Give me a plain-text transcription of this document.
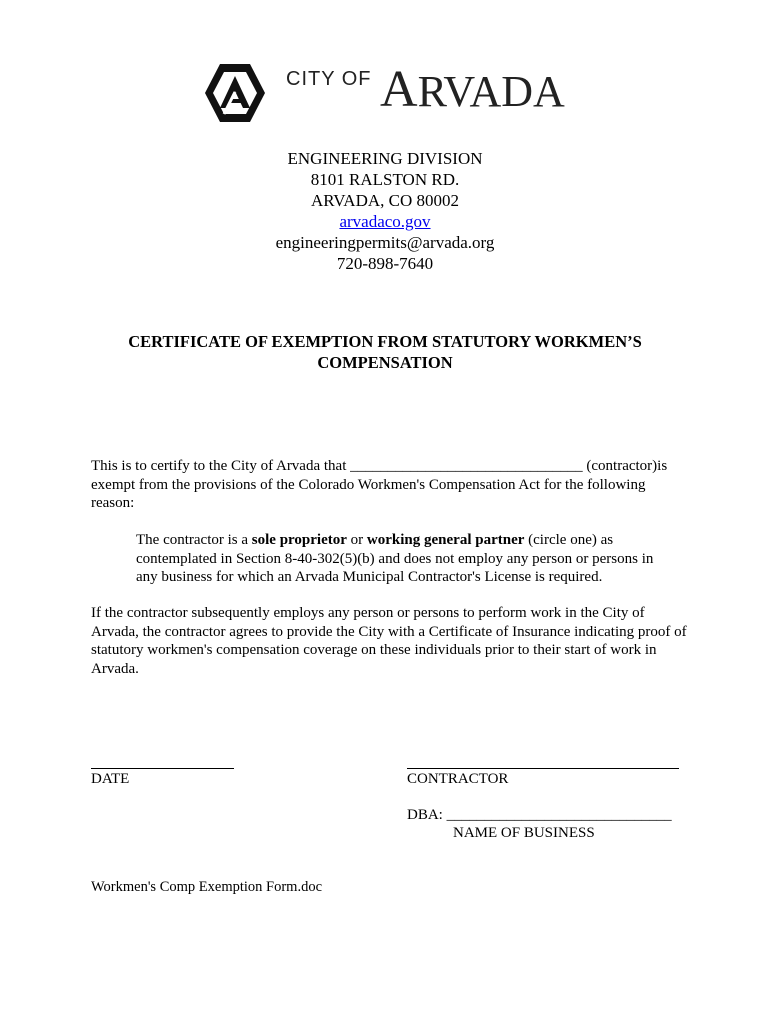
CITY OF ARVADA
ENGINEERING DIVISION
8101 RALSTON RD.
ARVADA, CO 80002
arvadaco.gov
engineeringpermits@arvada.org
720-898-7640
CERTIFICATE OF EXEMPTION FROM STATUTORY WORKMEN’S
COMPENSATION
This is to certify to the City of Arvada that _______________________________ (contractor)is exempt from the provisions of the Colorado Workmen's Compensation Act for the following reason:
The contractor is a sole proprietor or working general partner (circle one) as contemplated in Section 8-40-302(5)(b) and does not employ any person or persons in any business for which an Arvada Municipal Contractor's License is required.
If the contractor subsequently employs any person or persons to perform work in the City of Arvada, the contractor agrees to provide the City with a Certificate of Insurance indicating proof of statutory workmen's compensation coverage on these individuals prior to their start of work in Arvada.
DATE	CONTRACTOR
DBA: ______________________________
NAME OF BUSINESS
Workmen's Comp Exemption Form.doc
